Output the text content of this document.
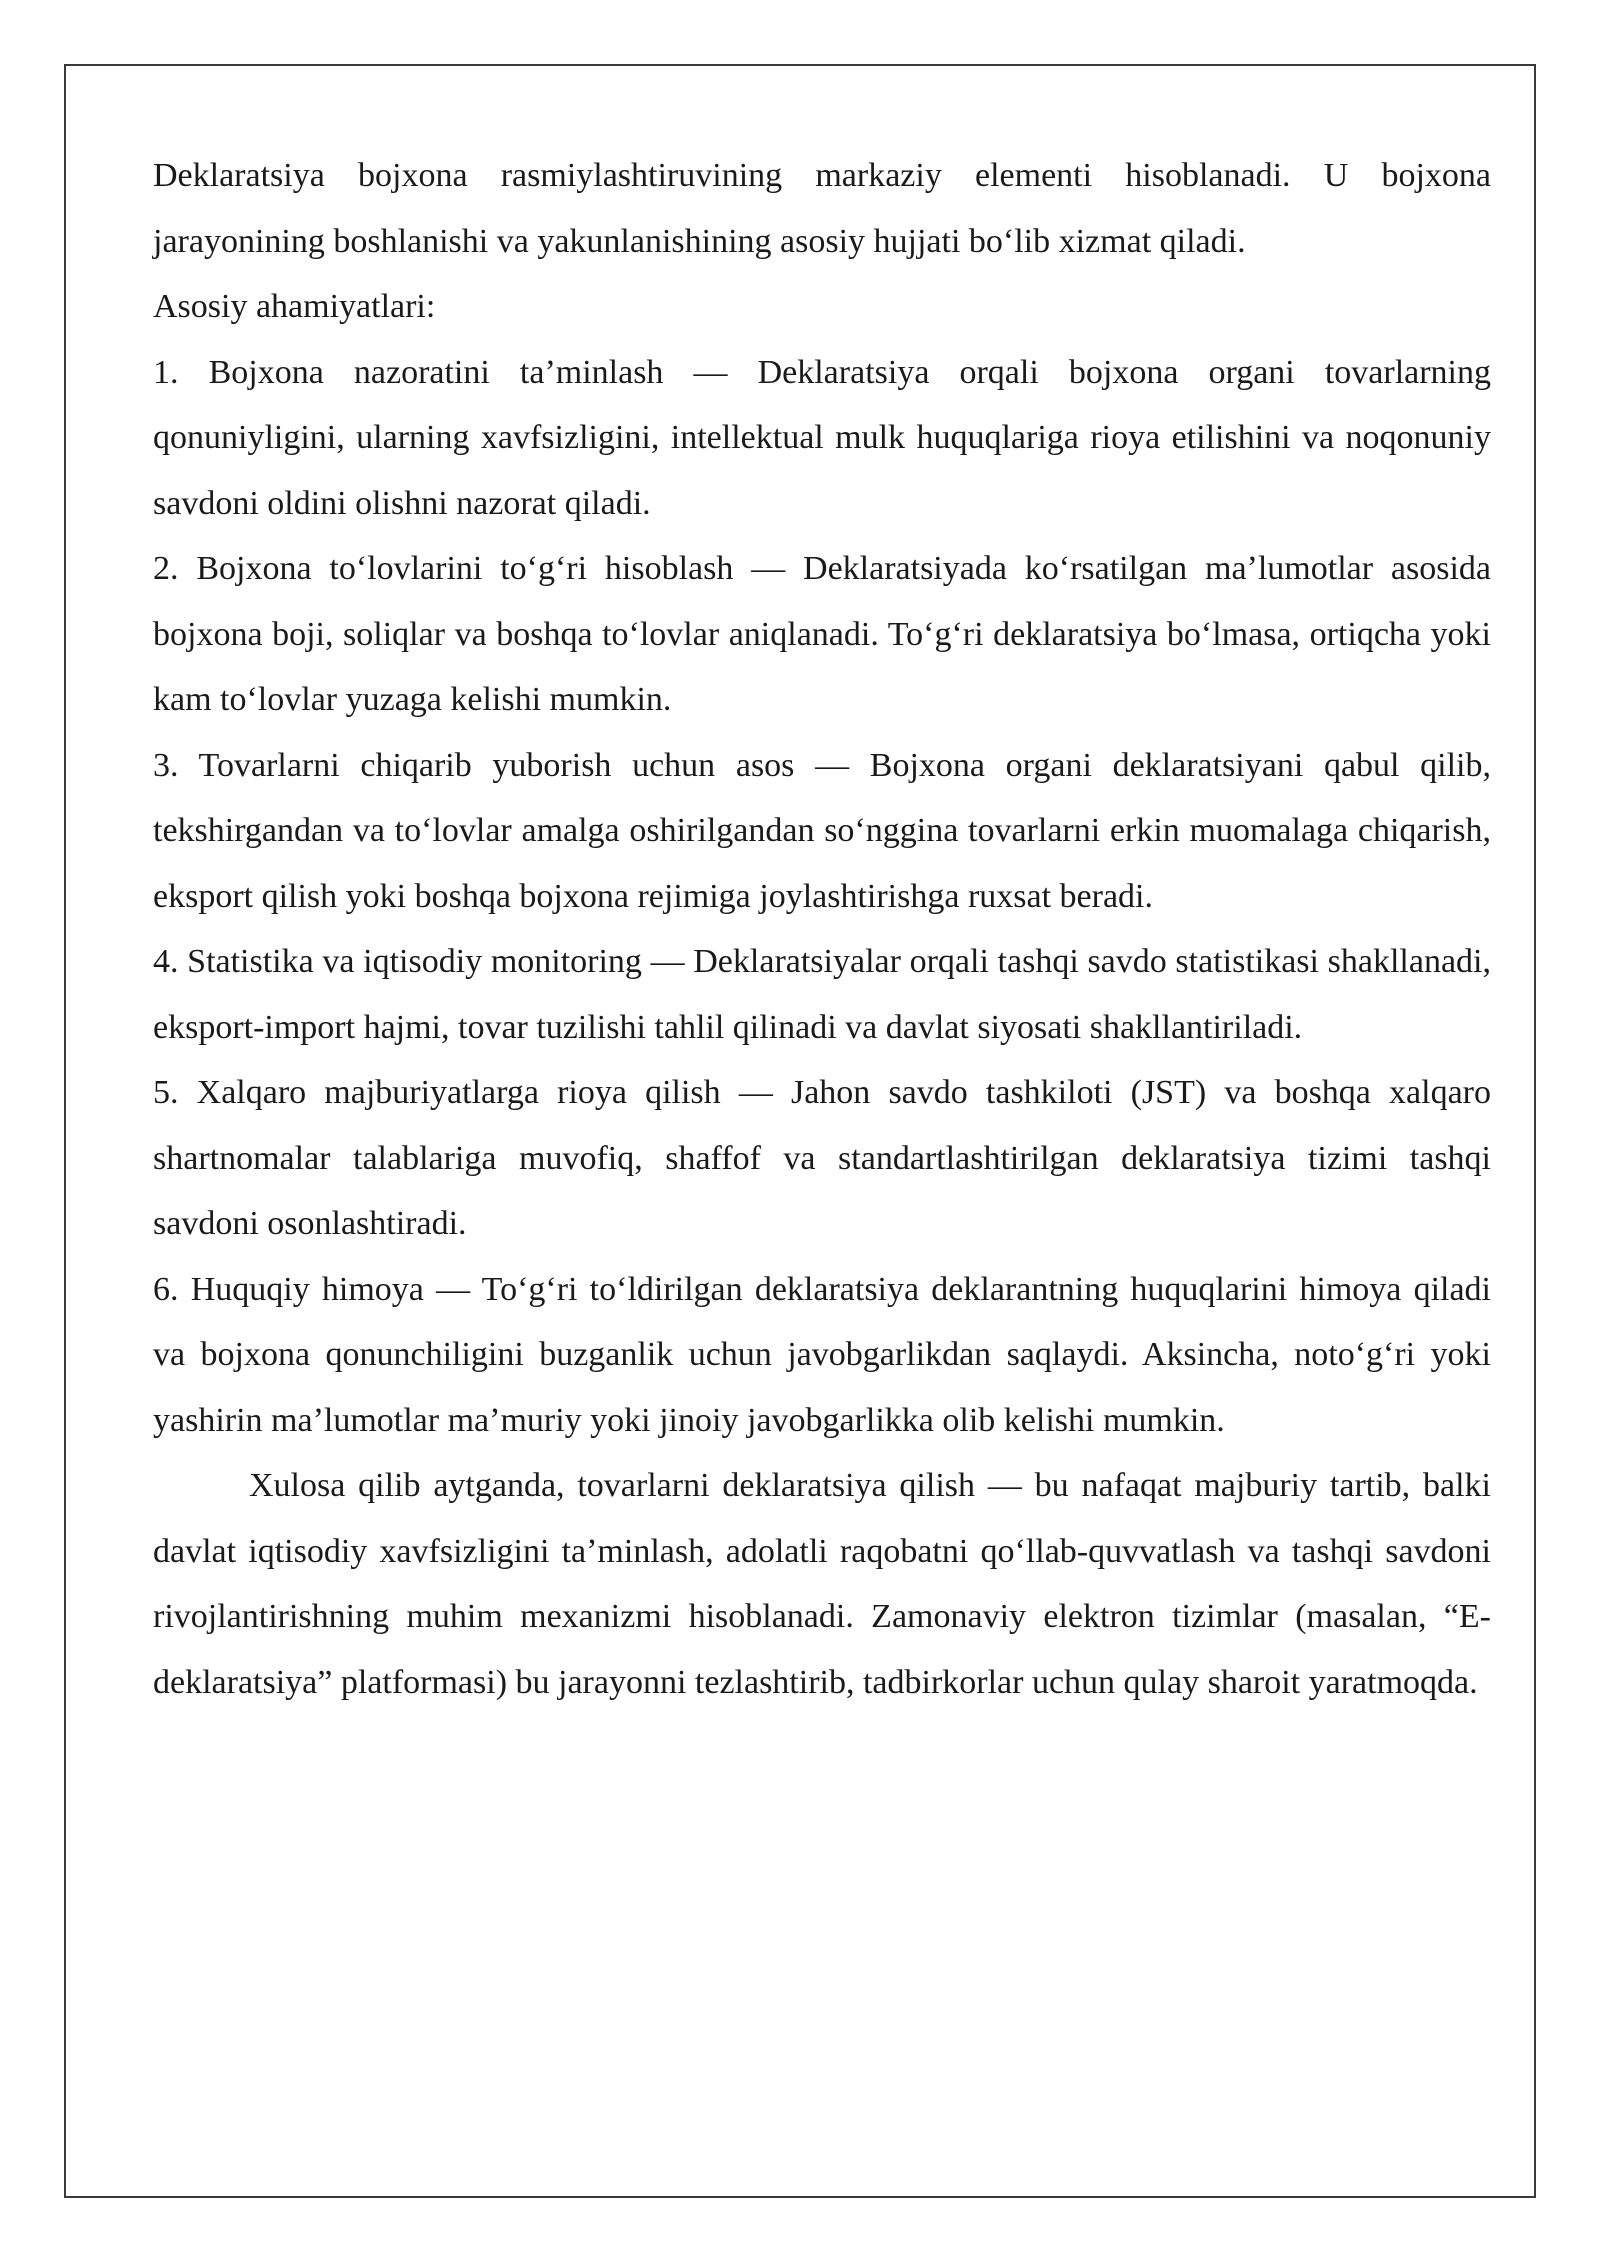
Deklaratsiya bojxona rasmiylashtiruvining markaziy elementi hisoblanadi. U bojxona jarayonining boshlanishi va yakunlanishining asosiy hujjati boʻlib xizmat qiladi.

Asosiy ahamiyatlari:

1. Bojxona nazoratini taʼminlash — Deklaratsiya orqali bojxona organi tovarlarning qonuniyligini, ularning xavfsizligini, intellektual mulk huquqlariga rioya etilishini va noqonuniy savdoni oldini olishni nazorat qiladi.

2. Bojxona toʻlovlarini toʻgʻri hisoblash — Deklaratsiyada koʻrsatilgan maʼlumotlar asosida bojxona boji, soliqlar va boshqa toʻlovlar aniqlanadi. Toʻgʻri deklaratsiya boʻlmasa, ortiqcha yoki kam toʻlovlar yuzaga kelishi mumkin.

3. Tovarlarni chiqarib yuborish uchun asos — Bojxona organi deklaratsiyani qabul qilib, tekshirgandan va toʻlovlar amalga oshirilgandan soʻnggina tovarlarni erkin muomalaga chiqarish, eksport qilish yoki boshqa bojxona rejimiga joylashtirishga ruxsat beradi.

4. Statistika va iqtisodiy monitoring — Deklaratsiyalar orqali tashqi savdo statistikasi shakllanadi, eksport-import hajmi, tovar tuzilishi tahlil qilinadi va davlat siyosati shakllantiriladi.

5. Xalqaro majburiyatlarga rioya qilish — Jahon savdo tashkiloti (JST) va boshqa xalqaro shartnomalar talablariga muvofiq, shaffof va standartlashtirilgan deklaratsiya tizimi tashqi savdoni osonlashtiradi.

6. Huquqiy himoya — Toʻgʻri toʻldirilgan deklaratsiya deklarantning huquqlarini himoya qiladi va bojxona qonunchiligini buzganlik uchun javobgarlikdan saqlaydi. Aksincha, notoʻgʻri yoki yashirin maʼlumotlar maʼmuriy yoki jinoiy javobgarlikka olib kelishi mumkin.

Xulosa qilib aytganda, tovarlarni deklaratsiya qilish — bu nafaqat majburiy tartib, balki davlat iqtisodiy xavfsizligini taʼminlash, adolatli raqobatni qoʻllab-quvvatlash va tashqi savdoni rivojlantirishning muhim mexanizmi hisoblanadi. Zamonaviy elektron tizimlar (masalan, “E-deklaratsiya” platformasi) bu jarayonni tezlashtirib, tadbirkorlar uchun qulay sharoit yaratmoqda.
